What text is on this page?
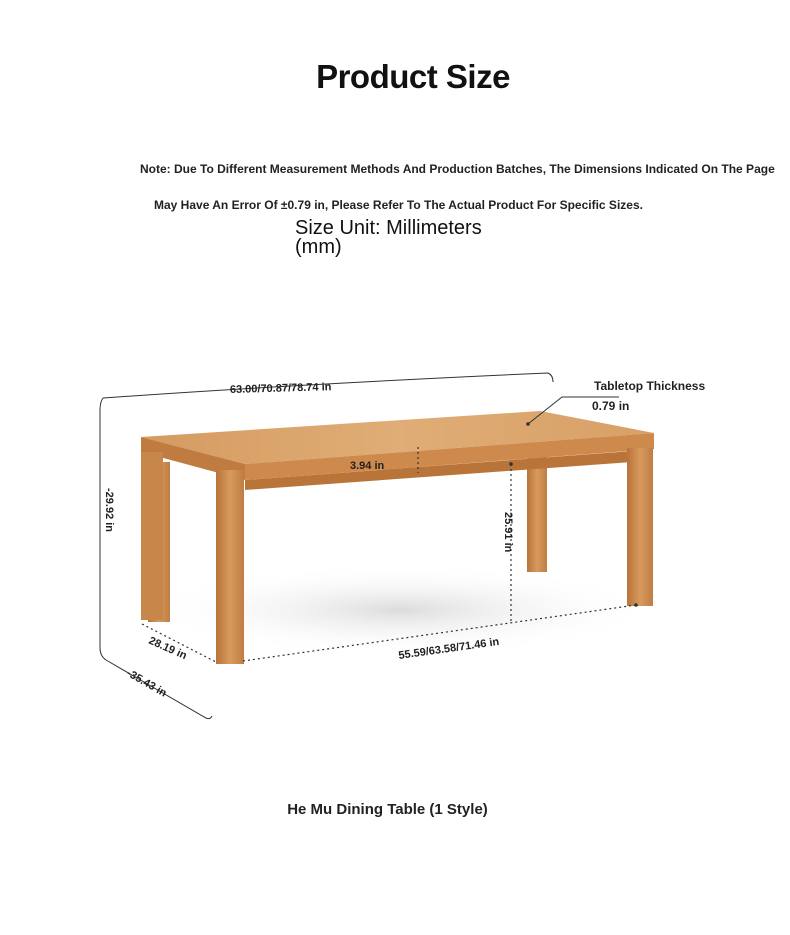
Product Size
Note: Due To Different Measurement Methods And Production Batches, The Dimensions Indicated On The Page
May Have An Error Of ±0.79 in, Please Refer To The Actual Product For Specific Sizes.
Size Unit: Millimeters
(mm)
63.00/70.87/78.74 in	Tabletop Thickness
0.79 in
3.94 in
-29.92 in
25.91 in
28.19 in
-35.43 in
55.59/63.58/71.46 in
He Mu Dining Table (1 Style)
